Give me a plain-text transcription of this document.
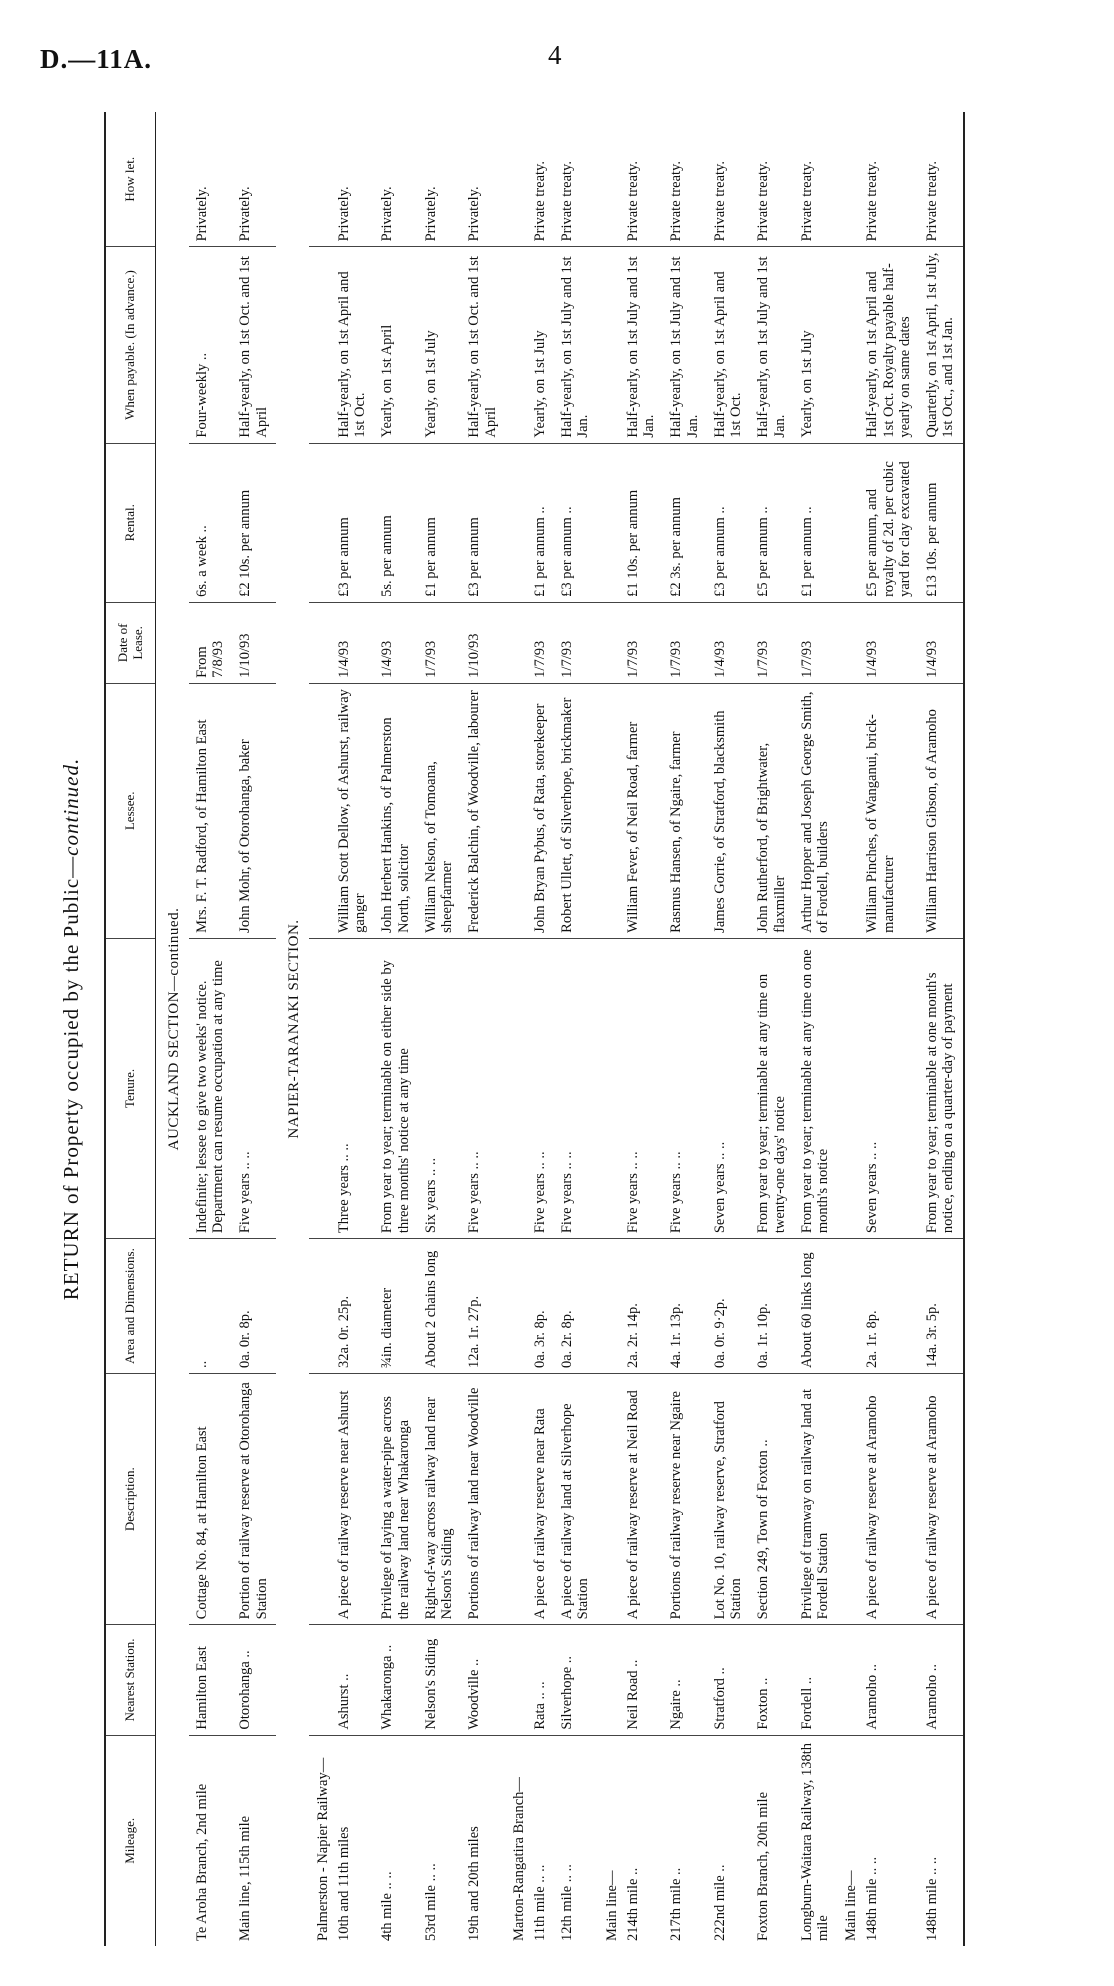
D.—11A.	4
RETURN of Property occupied by the Public—continued.
Mileage.	Nearest Station.	Description.	Area and Dimensions.	Tenure.	Lessee.	Date of Lease.	Rental.	When payable. (In advance.)	How let.
AUCKLAND SECTION—continued.									
Te Aroha Branch, 2nd mile	Hamilton East	Cottage No. 84, at Hamilton East	..	Indefinite; lessee to give two weeks' notice. Department can resume occupation at any time	Mrs. F. T. Radford, of Hamilton East	From 7/8/93	6s. a week ..	Four-weekly ..	Privately.
Main line, 115th mile	Otorohanga ..	Portion of railway reserve at Otorohanga Station	0a. 0r. 8p.	Five years .. ..	John Mohr, of Otorohanga, baker	1/10/93	£2 10s. per annum	Half-yearly, on 1st Oct. and 1st April	Privately.
NAPIER-TARANAKI SECTION.									
Palmerston - Napier Railway—									
10th and 11th miles	Ashurst ..	A piece of railway reserve near Ashurst	32a. 0r. 25p.	Three years .. ..	William Scott Dellow, of Ashurst, railway ganger	1/4/93	£3 per annum	Half-yearly, on 1st April and 1st Oct.	Privately.
4th mile .. ..	Whakaronga ..	Privilege of laying a water-pipe across the railway land near Whakaronga	¾in. diameter	From year to year; terminable on either side by three months' notice at any time	John Herbert Hankins, of Palmerston North, solicitor	1/4/93	5s. per annum	Yearly, on 1st April	Privately.
53rd mile .. ..	Nelson's Siding	Right-of-way across railway land near Nelson's Siding	About 2 chains long	Six years .. ..	William Nelson, of Tomoana, sheepfarmer	1/7/93	£1 per annum	Yearly, on 1st July	Privately.
19th and 20th miles	Woodville ..	Portions of railway land near Woodville	12a. 1r. 27p.	Five years .. ..	Frederick Balchin, of Woodville, labourer	1/10/93	£3 per annum	Half-yearly, on 1st Oct. and 1st April	Privately.
Marton-Rangatira Branch—									
11th mile .. ..	Rata .. ..	A piece of railway reserve near Rata	0a. 3r. 8p.	Five years .. ..	John Bryan Pybus, of Rata, storekeeper	1/7/93	£1 per annum ..	Yearly, on 1st July	Private treaty.
12th mile .. ..	Silverhope ..	A piece of railway land at Silverhope Station	0a. 2r. 8p.	Five years .. ..	Robert Ullett, of Silverhope, brickmaker	1/7/93	£3 per annum ..	Half-yearly, on 1st July and 1st Jan.	Private treaty.
Main line—									
214th mile ..	Neil Road ..	A piece of railway reserve at Neil Road	2a. 2r. 14p.	Five years .. ..	William Fever, of Neil Road, farmer	1/7/93	£1 10s. per annum	Half-yearly, on 1st July and 1st Jan.	Private treaty.
217th mile ..	Ngaire ..	Portions of railway reserve near Ngaire	4a. 1r. 13p.	Five years .. ..	Rasmus Hansen, of Ngaire, farmer	1/7/93	£2 3s. per annum	Half-yearly, on 1st July and 1st Jan.	Private treaty.
222nd mile ..	Stratford ..	Lot No. 10, railway reserve, Stratford Station	0a. 0r. 9·2p.	Seven years .. ..	James Gorrie, of Stratford, blacksmith	1/4/93	£3 per annum ..	Half-yearly, on 1st April and 1st Oct.	Private treaty.
Foxton Branch, 20th mile	Foxton ..	Section 249, Town of Foxton ..	0a. 1r. 10p.	From year to year; terminable at any time on twenty-one days' notice	John Rutherford, of Brightwater, flaxmiller	1/7/93	£5 per annum ..	Half-yearly, on 1st July and 1st Jan.	Private treaty.
Longburn-Waitara Railway, 138th mile	Fordell ..	Privilege of tramway on railway land at Fordell Station	About 60 links long	From year to year; terminable at any time on one month's notice	Arthur Hopper and Joseph George Smith, of Fordell, builders	1/7/93	£1 per annum ..	Yearly, on 1st July	Private treaty.
Main line—									
148th mile .. ..	Aramoho ..	A piece of railway reserve at Aramoho	2a. 1r. 8p.	Seven years .. ..	William Pinches, of Wanganui, brick-manufacturer	1/4/93	£5 per annum, and royalty of 2d. per cubic yard for clay excavated	Half-yearly, on 1st April and 1st Oct. Royalty payable half-yearly on same dates	Private treaty.
148th mile .. ..	Aramoho ..	A piece of railway reserve at Aramoho	14a. 3r. 5p.	From year to year; terminable at one month's notice, ending on a quarter-day of payment	William Harrison Gibson, of Aramoho	1/4/93	£13 10s. per annum	Quarterly, on 1st April, 1st July, 1st Oct., and 1st Jan.	Private treaty.
